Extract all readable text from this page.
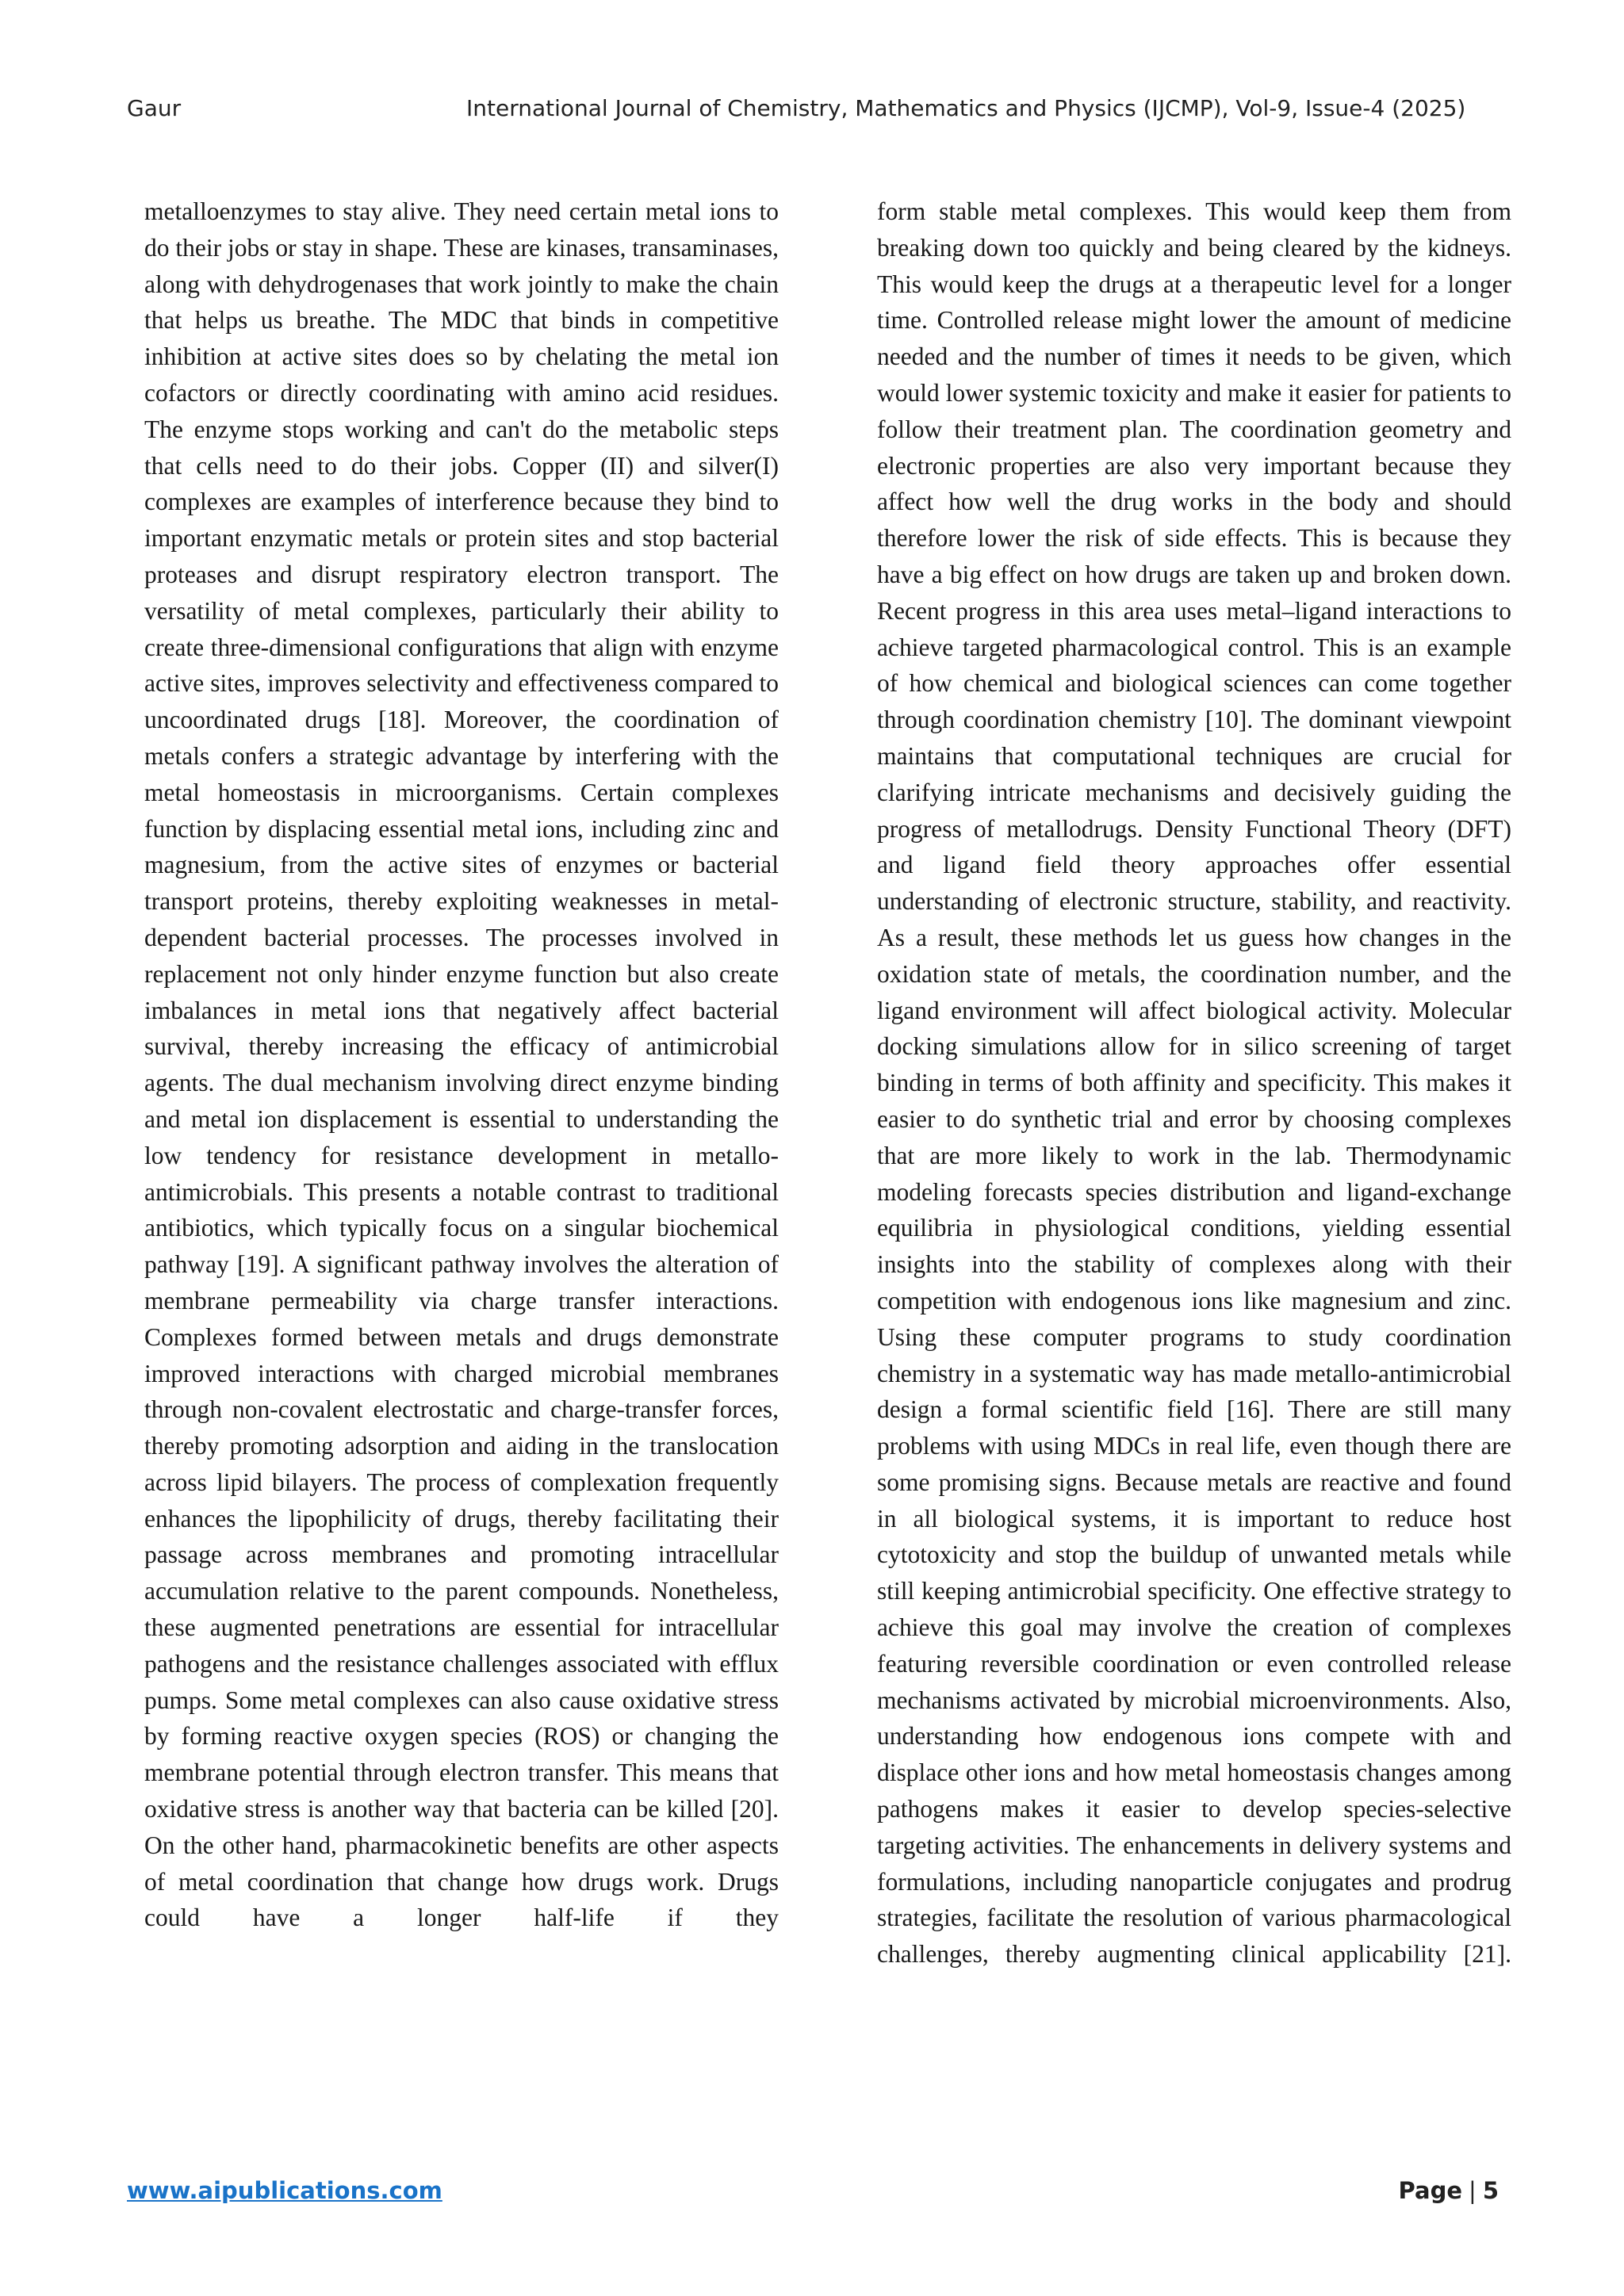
Gaur	International Journal of Chemistry, Mathematics and Physics (IJCMP), Vol-9, Issue-4 (2025)

metalloenzymes to stay alive. They need certain metal ions to do their jobs or stay in shape. These are kinases, transaminases, along with dehydrogenases that work jointly to make the chain that helps us breathe. The MDC that binds in competitive inhibition at active sites does so by chelating the metal ion cofactors or directly coordinating with amino acid residues. The enzyme stops working and can't do the metabolic steps that cells need to do their jobs. Copper (II) and silver(I) complexes are examples of interference because they bind to important enzymatic metals or protein sites and stop bacterial proteases and disrupt respiratory electron transport. The versatility of metal complexes, particularly their ability to create three-dimensional configurations that align with enzyme active sites, improves selectivity and effectiveness compared to uncoordinated drugs [18]. Moreover, the coordination of metals confers a strategic advantage by interfering with the metal homeostasis in microorganisms. Certain complexes function by displacing essential metal ions, including zinc and magnesium, from the active sites of enzymes or bacterial transport proteins, thereby exploiting weaknesses in metal-dependent bacterial processes. The processes involved in replacement not only hinder enzyme function but also create imbalances in metal ions that negatively affect bacterial survival, thereby increasing the efficacy of antimicrobial agents. The dual mechanism involving direct enzyme binding and metal ion displacement is essential to understanding the low tendency for resistance development in metallo-antimicrobials. This presents a notable contrast to traditional antibiotics, which typically focus on a singular biochemical pathway [19]. A significant pathway involves the alteration of membrane permeability via charge transfer interactions. Complexes formed between metals and drugs demonstrate improved interactions with charged microbial membranes through non-covalent electrostatic and charge-transfer forces, thereby promoting adsorption and aiding in the translocation across lipid bilayers. The process of complexation frequently enhances the lipophilicity of drugs, thereby facilitating their passage across membranes and promoting intracellular accumulation relative to the parent compounds. Nonetheless, these augmented penetrations are essential for intracellular pathogens and the resistance challenges associated with efflux pumps. Some metal complexes can also cause oxidative stress by forming reactive oxygen species (ROS) or changing the membrane potential through electron transfer. This means that oxidative stress is another way that bacteria can be killed [20]. On the other hand, pharmacokinetic benefits are other aspects of metal coordination that change how drugs work. Drugs could have a longer half-life if they

form stable metal complexes. This would keep them from breaking down too quickly and being cleared by the kidneys. This would keep the drugs at a therapeutic level for a longer time. Controlled release might lower the amount of medicine needed and the number of times it needs to be given, which would lower systemic toxicity and make it easier for patients to follow their treatment plan. The coordination geometry and electronic properties are also very important because they affect how well the drug works in the body and should therefore lower the risk of side effects. This is because they have a big effect on how drugs are taken up and broken down. Recent progress in this area uses metal–ligand interactions to achieve targeted pharmacological control. This is an example of how chemical and biological sciences can come together through coordination chemistry [10]. The dominant viewpoint maintains that computational techniques are crucial for clarifying intricate mechanisms and decisively guiding the progress of metallodrugs. Density Functional Theory (DFT) and ligand field theory approaches offer essential understanding of electronic structure, stability, and reactivity. As a result, these methods let us guess how changes in the oxidation state of metals, the coordination number, and the ligand environment will affect biological activity. Molecular docking simulations allow for in silico screening of target binding in terms of both affinity and specificity. This makes it easier to do synthetic trial and error by choosing complexes that are more likely to work in the lab. Thermodynamic modeling forecasts species distribution and ligand-exchange equilibria in physiological conditions, yielding essential insights into the stability of complexes along with their competition with endogenous ions like magnesium and zinc. Using these computer programs to study coordination chemistry in a systematic way has made metallo-antimicrobial design a formal scientific field [16]. There are still many problems with using MDCs in real life, even though there are some promising signs. Because metals are reactive and found in all biological systems, it is important to reduce host cytotoxicity and stop the buildup of unwanted metals while still keeping antimicrobial specificity. One effective strategy to achieve this goal may involve the creation of complexes featuring reversible coordination or even controlled release mechanisms activated by microbial microenvironments. Also, understanding how endogenous ions compete with and displace other ions and how metal homeostasis changes among pathogens makes it easier to develop species-selective targeting activities. The enhancements in delivery systems and formulations, including nanoparticle conjugates and prodrug strategies, facilitate the resolution of various pharmacological challenges, thereby augmenting clinical applicability [21].

www.aipublications.com	Page | 5
